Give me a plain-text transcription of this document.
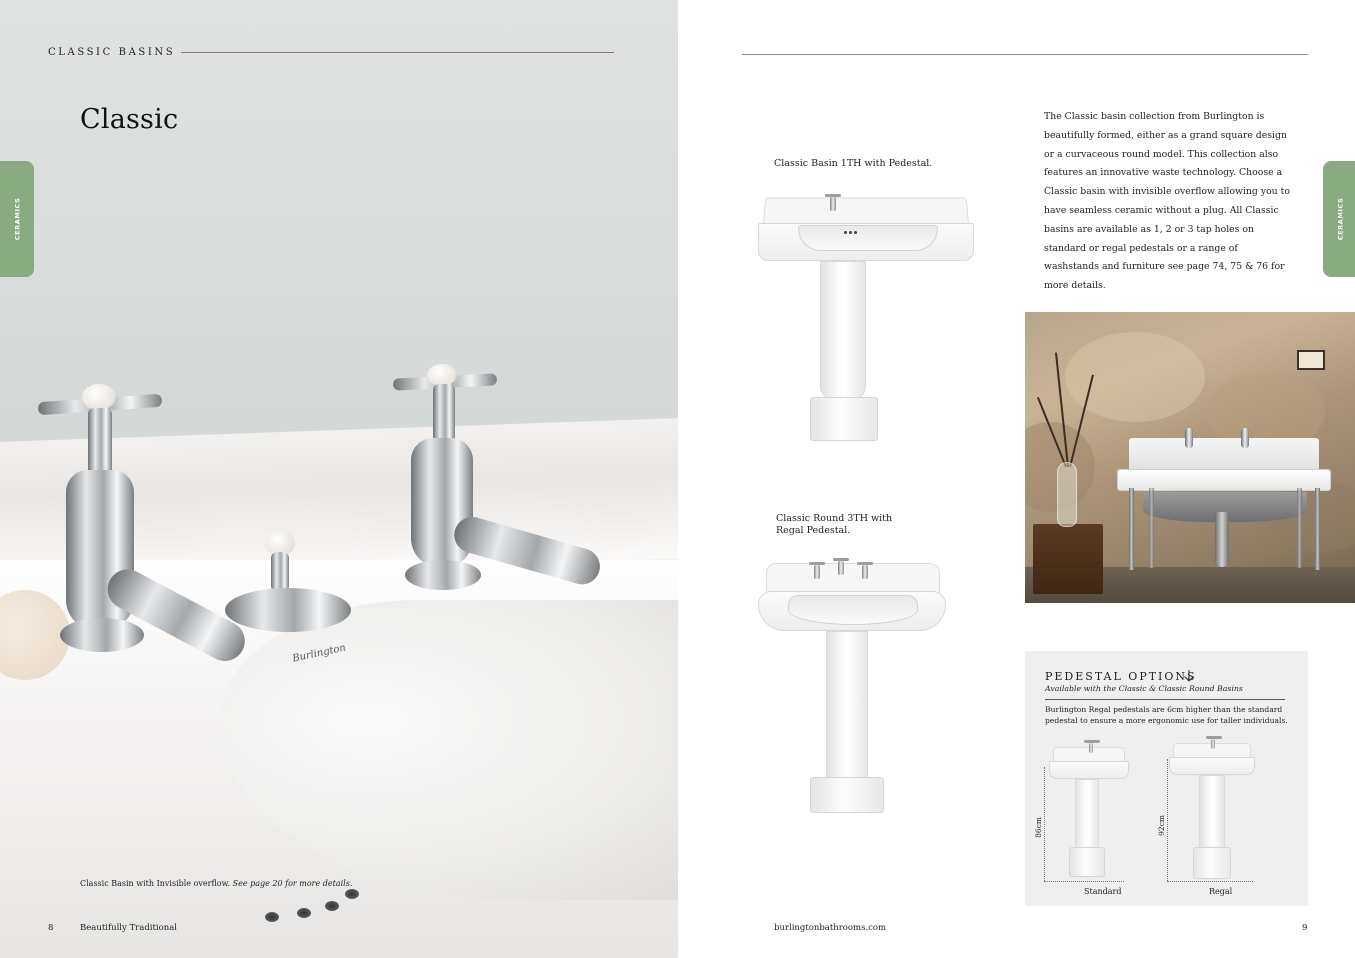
Burlington
CLASSIC BASINS
Classic
CERAMICS
Classic Basin with Invisible overflow. See page 20 for more details.
8	Beautifully Traditional
Classic Basin 1TH with Pedestal.
Classic Round 3TH with
Regal Pedestal.
The Classic basin collection from Burlington is beautifully formed, either as a grand square design or a curvaceous round model. This collection also features an innovative waste technology. Choose a Classic basin with invisible overflow allowing you to have seamless ceramic without a plug. All Classic basins are available as 1, 2 or 3 tap holes on standard or regal pedestals or a range of washstands and furniture see page 74, 75 & 76 for more details.
CERAMICS
PEDESTAL OPTIONS
Available with the Classic & Classic Round Basins
Burlington Regal pedestals are 6cm higher than the standard pedestal to ensure a more ergonomic use for taller individuals.
86cm
Standard
92cm
Regal
burlingtonbathrooms.com	9
